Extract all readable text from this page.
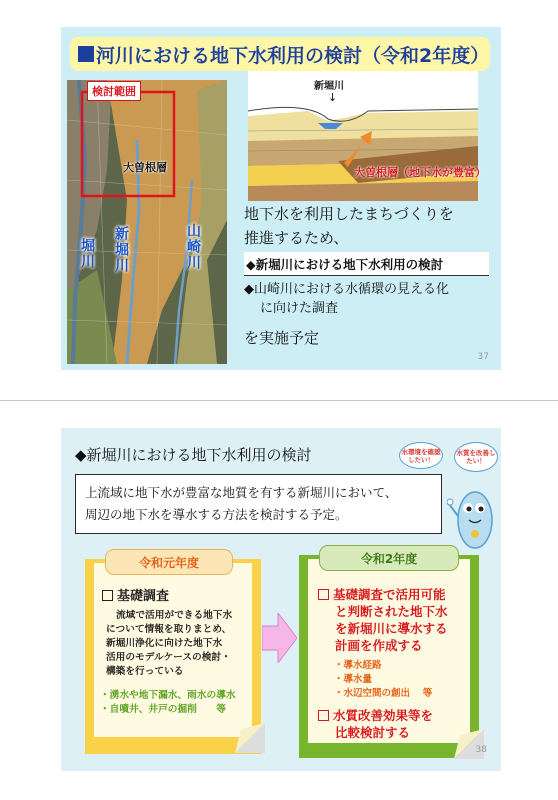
河川における地下水利用の検討（令和2年度）
検討範囲
大曽根層
堀川 新堀川	山崎川
新堀川
↓
大曽根層（地下水が豊富）
地下水を利用したまちづくりを
推進するため、
◆新堀川における地下水利用の検討
◆山崎川における水循環の見える化
に向けた調査
を実施予定
37
◆新堀川における地下水利用の検討	水環境を確認したい！
水質を改善したい！
上流域に地下水が豊富な地質を有する新堀川において、
周辺の地下水を導水する方法を検討する予定。
基礎調査
流域で活用ができる地下水
について情報を取りまとめ、
新堀川浄化に向けた地下水
活用のモデルケースの検討・
構築を行っている
・湧水や地下漏水、雨水の導水
・自噴井、井戸の掘削　　等
令和元年度
基礎調査で活用可能
と判断された地下水
を新堀川に導水する
計画を作成する
・導水経路
・導水量
・水辺空間の創出　 等
水質改善効果等を
比較検討する
令和2年度
38
